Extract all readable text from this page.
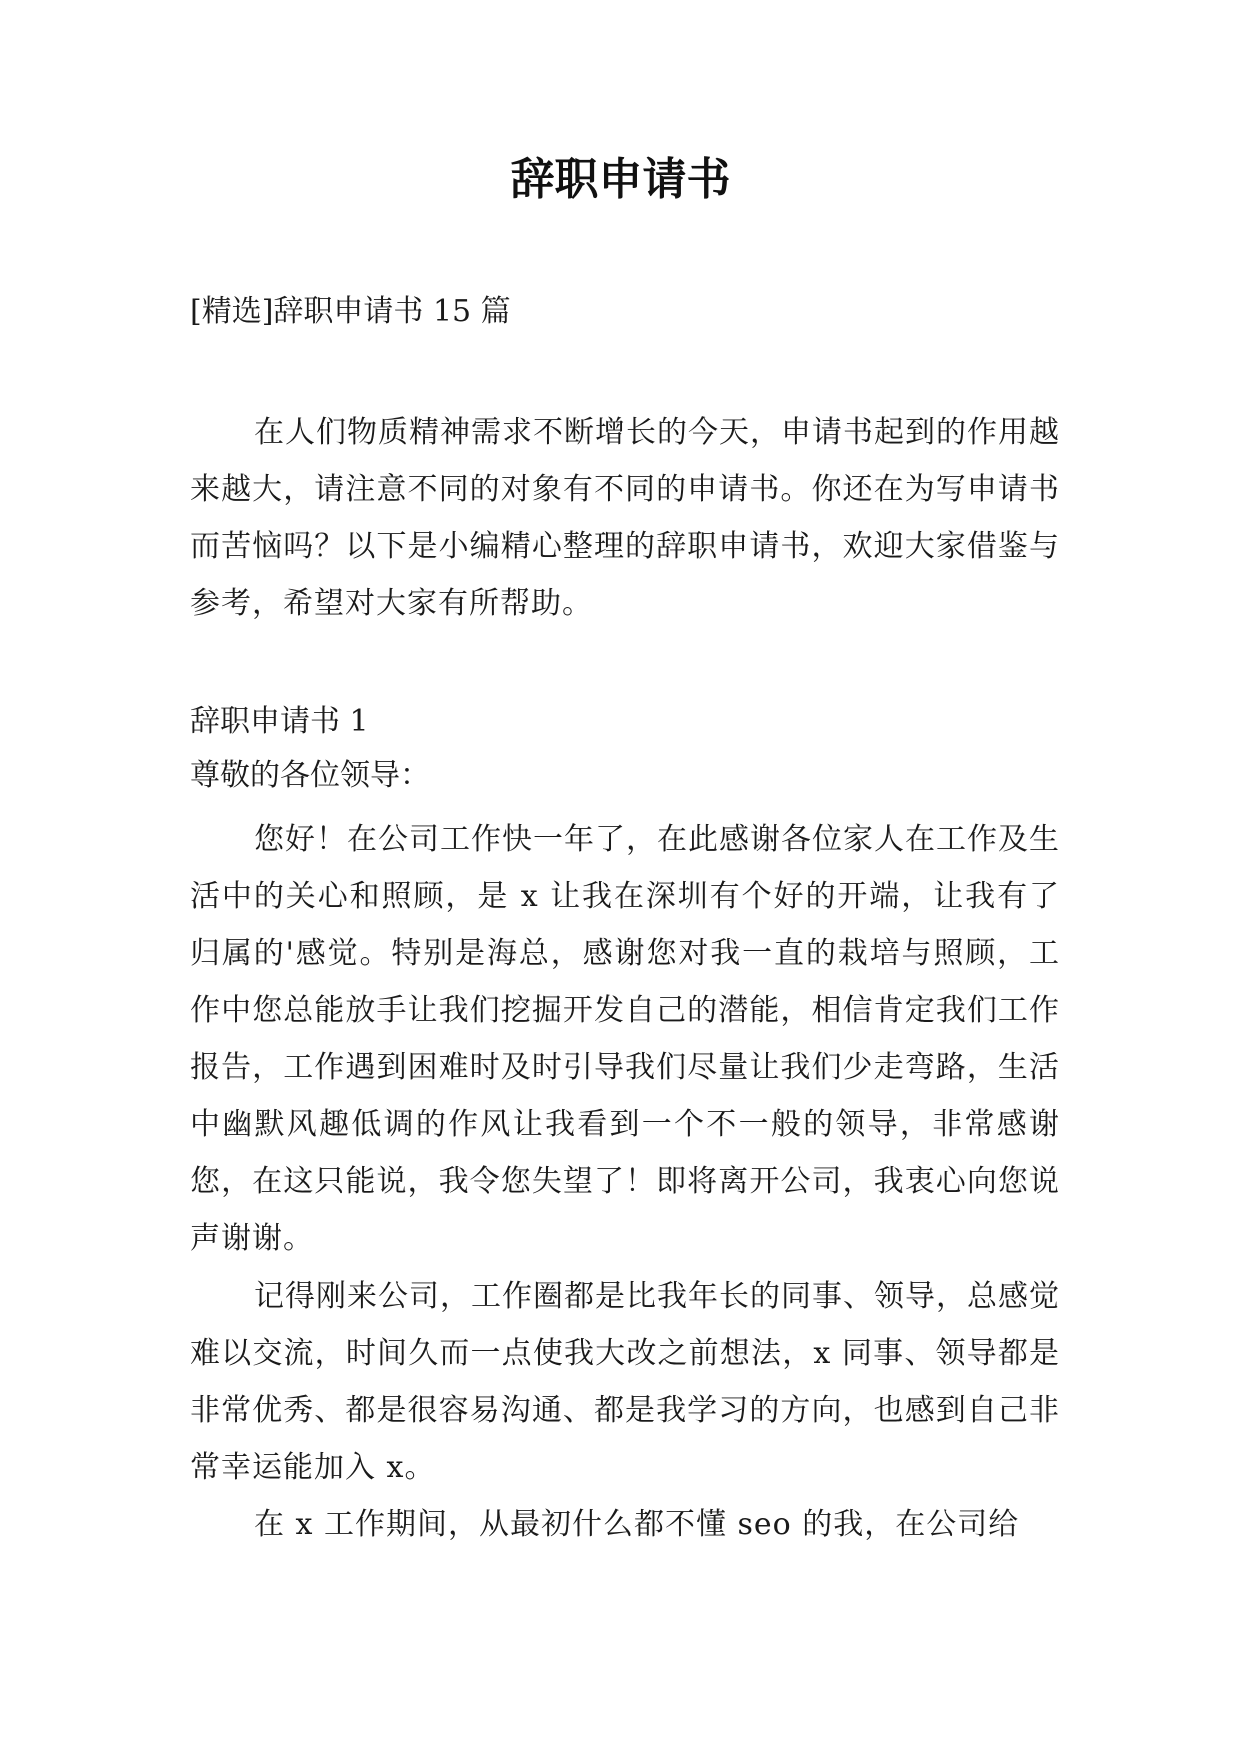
辞职申请书

[精选]辞职申请书 15 篇

在人们物质精神需求不断增长的今天，申请书起到的作用越来越大，请注意不同的对象有不同的申请书。你还在为写申请书而苦恼吗？以下是小编精心整理的辞职申请书，欢迎大家借鉴与参考，希望对大家有所帮助。

辞职申请书 1

尊敬的各位领导：

您好！在公司工作快一年了，在此感谢各位家人在工作及生活中的关心和照顾，是 x 让我在深圳有个好的开端，让我有了归属的'感觉。特别是海总，感谢您对我一直的栽培与照顾，工作中您总能放手让我们挖掘开发自己的潜能，相信肯定我们工作报告，工作遇到困难时及时引导我们尽量让我们少走弯路，生活中幽默风趣低调的作风让我看到一个不一般的领导，非常感谢您，在这只能说，我令您失望了！即将离开公司，我衷心向您说声谢谢。

记得刚来公司，工作圈都是比我年长的同事、领导，总感觉难以交流，时间久而一点使我大改之前想法，x 同事、领导都是非常优秀、都是很容易沟通、都是我学习的方向，也感到自己非常幸运能加入 x。

在 x 工作期间，从最初什么都不懂 seo 的我，在公司给
